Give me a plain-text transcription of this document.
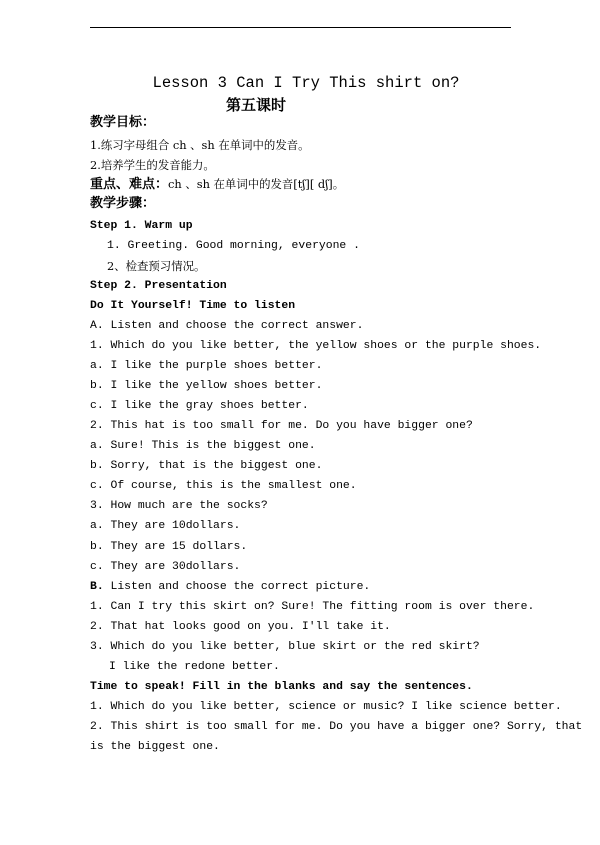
Lesson 3 Can I Try This shirt on?
第五课时
教学目标：
1.练习字母组合 ch 、sh 在单词中的发音。
2.培养学生的发音能力。
重点、难点：ch 、sh 在单词中的发音[tʃ][ dʃ]。
教学步骤：
Step 1. Warm up
1. Greeting. Good morning, everyone .
2、检查预习情况。
Step 2. Presentation
Do It Yourself! Time to listen
A. Listen and choose the correct answer.
1. Which do you like better, the yellow shoes or the purple shoes.
a. I like the purple shoes better.
b. I like the yellow shoes better.
c. I like the gray shoes better.
2. This hat is too small for me. Do you have bigger one?
a. Sure! This is the biggest one.
b. Sorry, that is the biggest one.
c. Of course, this is the smallest one.
3. How much are the socks?
a. They are 10dollars.
b. They are 15 dollars.
c. They are 30dollars.
B. Listen and choose the correct picture.
1. Can I try this skirt on? Sure! The fitting room is over there.
2. That hat looks good on you. I'll take it.
3. Which do you like better, blue skirt or the red skirt?
I like the redone better.
Time to speak! Fill in the blanks and say the sentences.
1. Which do you like better, science or music? I like science better.
2. This shirt is too small for me. Do you have a bigger one? Sorry, that
is the biggest one.
